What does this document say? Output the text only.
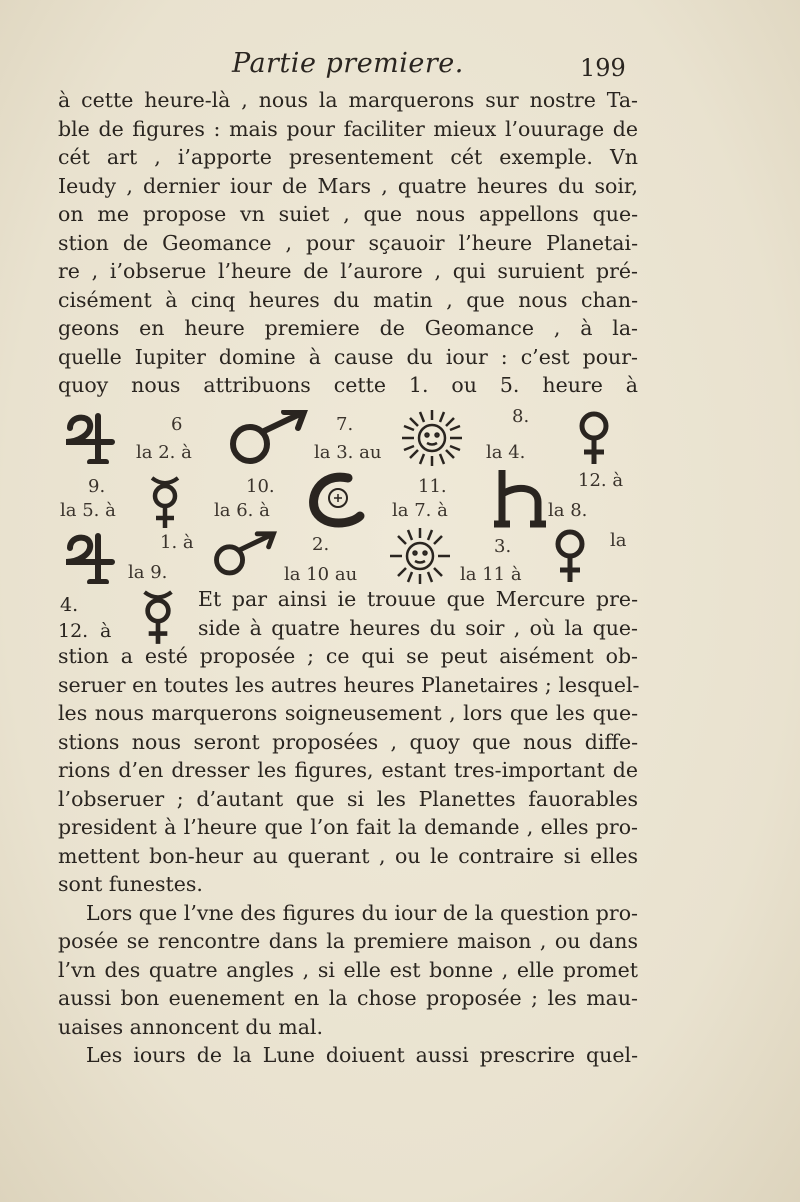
Partie premiere.	199
à cette heure-là , nous la marquerons sur nostre Ta-
ble de figures : mais pour faciliter mieux l’ouurage de
cét art , i’apporte presentement cét exemple. Vn
Ieudy , dernier iour de Mars , quatre heures du soir,
on me propose vn suiet , que nous appellons que-
stion de Geomance , pour sçauoir l’heure Planetai-
re , i’obserue l’heure de l’aurore , qui suruient pré-
cisément à cinq heures du matin , que nous chan-
geons en heure premiere de Geomance , à la-
quelle Iupiter domine à cause du iour : c’est pour-
quoy nous attribuons cette 1. ou 5. heure à
6
la 2. à
7.
la 3. au
8.
la 4.
9.
la 5. à
10.
la 6. à
11.
la 7. à
12. à
la 8.
1. à
la 9.
2.
la 10 au
3.
la 11 à
la
4.
12. à
Et par ainsi ie trouue que Mercure pre-
side à quatre heures du soir , où la que-
stion a esté proposée ; ce qui se peut aisément ob-
seruer en toutes les autres heures Planetaires ; lesquel-
les nous marquerons soigneusement , lors que les que-
stions nous seront proposées , quoy que nous diffe-
rions d’en dresser les figures, estant tres-important de
l’obseruer ; d’autant que si les Planettes fauorables
president à l’heure que l’on fait la demande , elles pro-
mettent bon-heur au querant , ou le contraire si elles
sont funestes.
Lors que l’vne des figures du iour de la question pro-
posée se rencontre dans la premiere maison , ou dans
l’vn des quatre angles , si elle est bonne , elle promet
aussi bon euenement en la chose proposée ; les mau-
uaises annoncent du mal.
Les iours de la Lune doiuent aussi prescrire quel-
